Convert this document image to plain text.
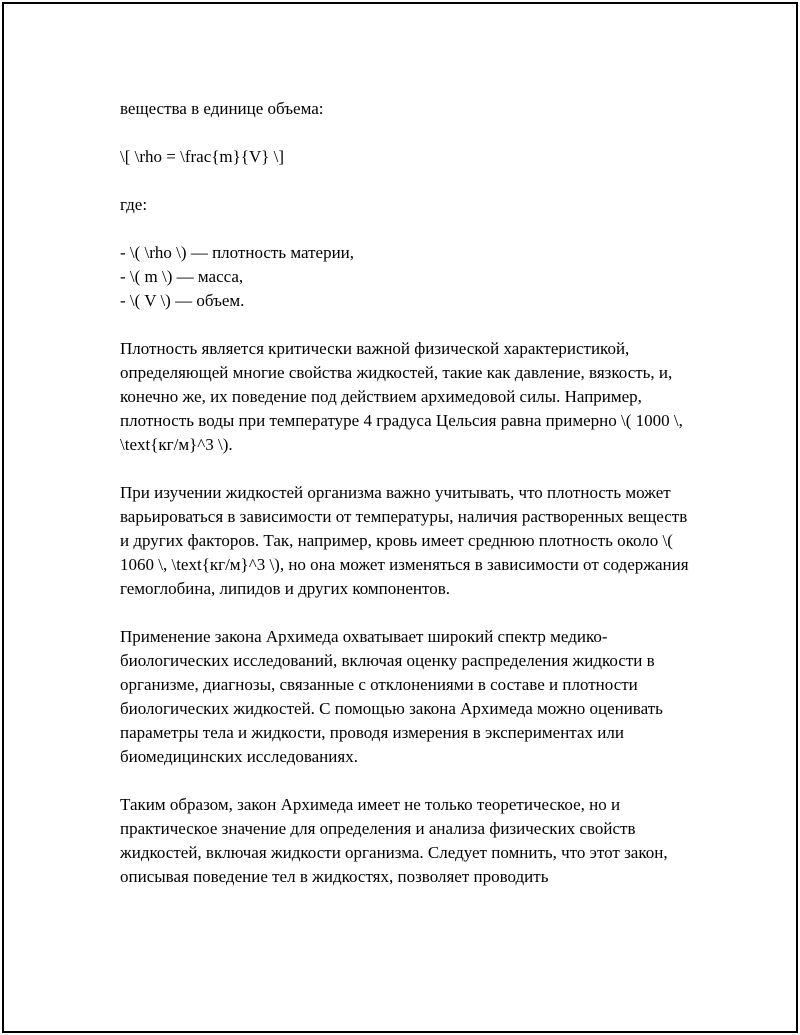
вещества в единице объема:

\[ \rho = \frac{m}{V} \]

где:

- \( \rho \) — плотность материи,
- \( m \) — масса,
- \( V \) — объем.

Плотность является критически важной физической характеристикой, определяющей многие свойства жидкостей, такие как давление, вязкость, и, конечно же, их поведение под действием архимедовой силы. Например, плотность воды при температуре 4 градуса Цельсия равна примерно \( 1000 \, \text{кг/м}^3 \).

При изучении жидкостей организма важно учитывать, что плотность может варьироваться в зависимости от температуры, наличия растворенных веществ и других факторов. Так, например, кровь имеет среднюю плотность около \( 1060 \, \text{кг/м}^3 \), но она может изменяться в зависимости от содержания гемоглобина, липидов и других компонентов.

Применение закона Архимеда охватывает широкий спектр медико-биологических исследований, включая оценку распределения жидкости в организме, диагнозы, связанные с отклонениями в составе и плотности биологических жидкостей. С помощью закона Архимеда можно оценивать параметры тела и жидкости, проводя измерения в экспериментах или биомедицинских исследованиях.

Таким образом, закон Архимеда имеет не только теоретическое, но и практическое значение для определения и анализа физических свойств жидкостей, включая жидкости организма. Следует помнить, что этот закон, описывая поведение тел в жидкостях, позволяет проводить
